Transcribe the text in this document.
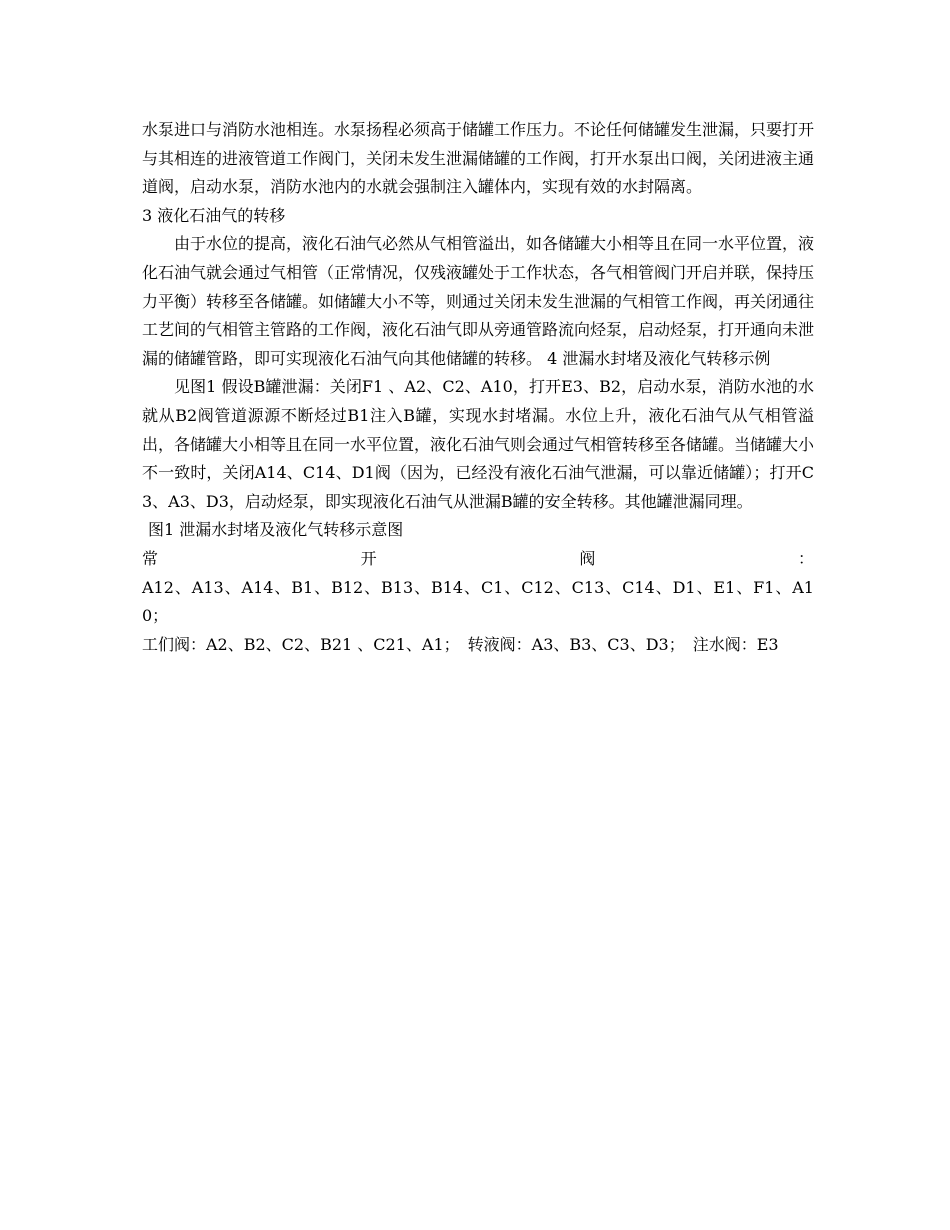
水泵进口与消防水池相连。水泵扬程必须高于储罐工作压力。不论任何储罐发生泄漏，只要打开与其相连的进液管道工作阀门，关闭未发生泄漏储罐的工作阀，打开水泵出口阀，关闭进液主通道阀，启动水泵，消防水池内的水就会强制注入罐体内，实现有效的水封隔离。

3 液化石油气的转移

由于水位的提高，液化石油气必然从气相管溢出，如各储罐大小相等且在同一水平位置，液化石油气就会通过气相管（正常情况，仅残液罐处于工作状态，各气相管阀门开启并联，保持压力平衡）转移至各储罐。如储罐大小不等，则通过关闭未发生泄漏的气相管工作阀，再关闭通往工艺间的气相管主管路的工作阀，液化石油气即从旁通管路流向烃泵，启动烃泵，打开通向未泄漏的储罐管路，即可实现液化石油气向其他储罐的转移。 4 泄漏水封堵及液化气转移示例

见图1 假设B罐泄漏：关闭F1 、A2、C2、A10，打开E3、B2，启动水泵，消防水池的水就从B2阀管道源源不断烃过B1注入B罐，实现水封堵漏。水位上升，液化石油气从气相管溢出，各储罐大小相等且在同一水平位置，液化石油气则会通过气相管转移至各储罐。当储罐大小不一致时，关闭A14、C14、D1阀（因为，已经没有液化石油气泄漏，可以靠近储罐）；打开C3、A3、D3，启动烃泵，即实现液化石油气从泄漏B罐的安全转移。其他罐泄漏同理。

图1 泄漏水封堵及液化气转移示意图

常	开	阀	：

A12、A13、A14、B1、B12、B13、B14、C1、C12、C13、C14、D1、E1、F1、A10；

工们阀：A2、B2、C2、B21 、C21、A1；　转液阀：A3、B3、C3、D3；　注水阀：E3
